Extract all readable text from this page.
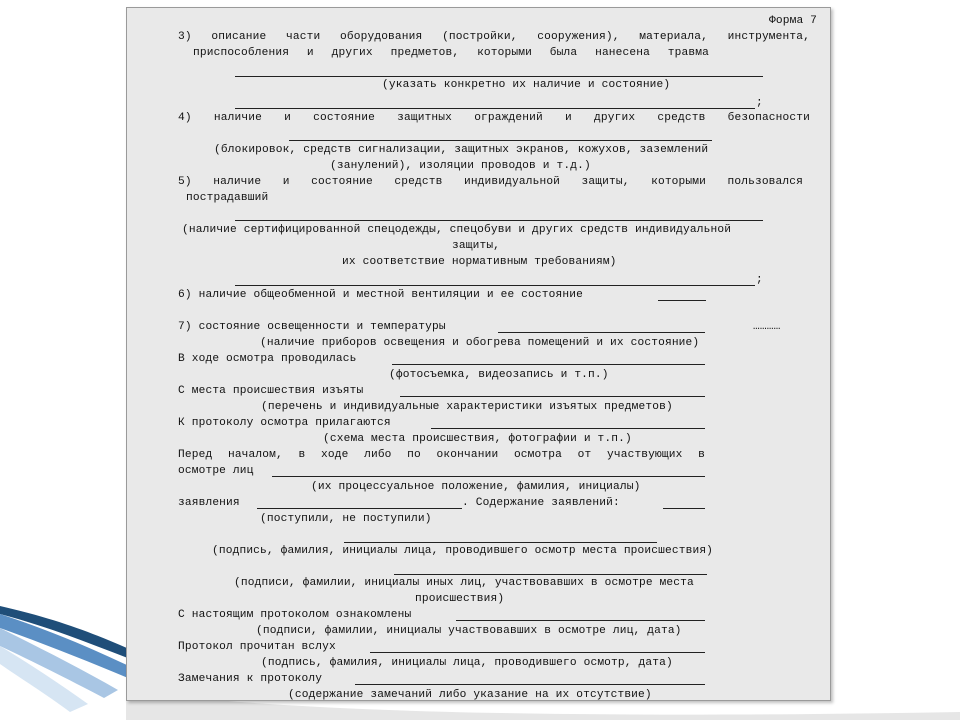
Форма 7
3) описание части оборудования (постройки, сооружения), материала, инструмента,
приспособления и других предметов, которыми была нанесена травма
(указать конкретно их наличие и состояние)
;
4) наличие и состояние защитных ограждений и других средств безопасности
(блокировок, средств сигнализации, защитных экранов, кожухов, заземлений
(занулений), изоляции проводов и т.д.)
5) наличие и состояние средств индивидуальной защиты, которыми пользовался
пострадавший
(наличие сертифицированной спецодежды, спецобуви и других средств индивидуальной
защиты,
их соответствие нормативным требованиям)
;
6) наличие общеобменной и местной вентиляции и ее состояние
7) состояние освещенности и температуры	…………
(наличие приборов освещения и обогрева помещений и их состояние)
В ходе осмотра проводилась
(фотосъемка, видеозапись и т.п.)
С места происшествия изъяты
(перечень и индивидуальные характеристики изъятых предметов)
К протоколу осмотра прилагаются
(схема места происшествия, фотографии и т.п.)
Перед началом, в ходе либо по окончании осмотра от участвующих в
осмотре лиц
(их процессуальное положение, фамилия, инициалы)
заявления	. Содержание заявлений:
(поступили, не поступили)
(подпись, фамилия, инициалы лица, проводившего осмотр места происшествия)
(подписи, фамилии, инициалы иных лиц, участвовавших в осмотре места
происшествия)
С настоящим протоколом ознакомлены
(подписи, фамилии, инициалы участвовавших в осмотре лиц, дата)
Протокол прочитан вслух
(подпись, фамилия, инициалы лица, проводившего осмотр, дата)
Замечания к протоколу
(содержание замечаний либо указание на их отсутствие)
